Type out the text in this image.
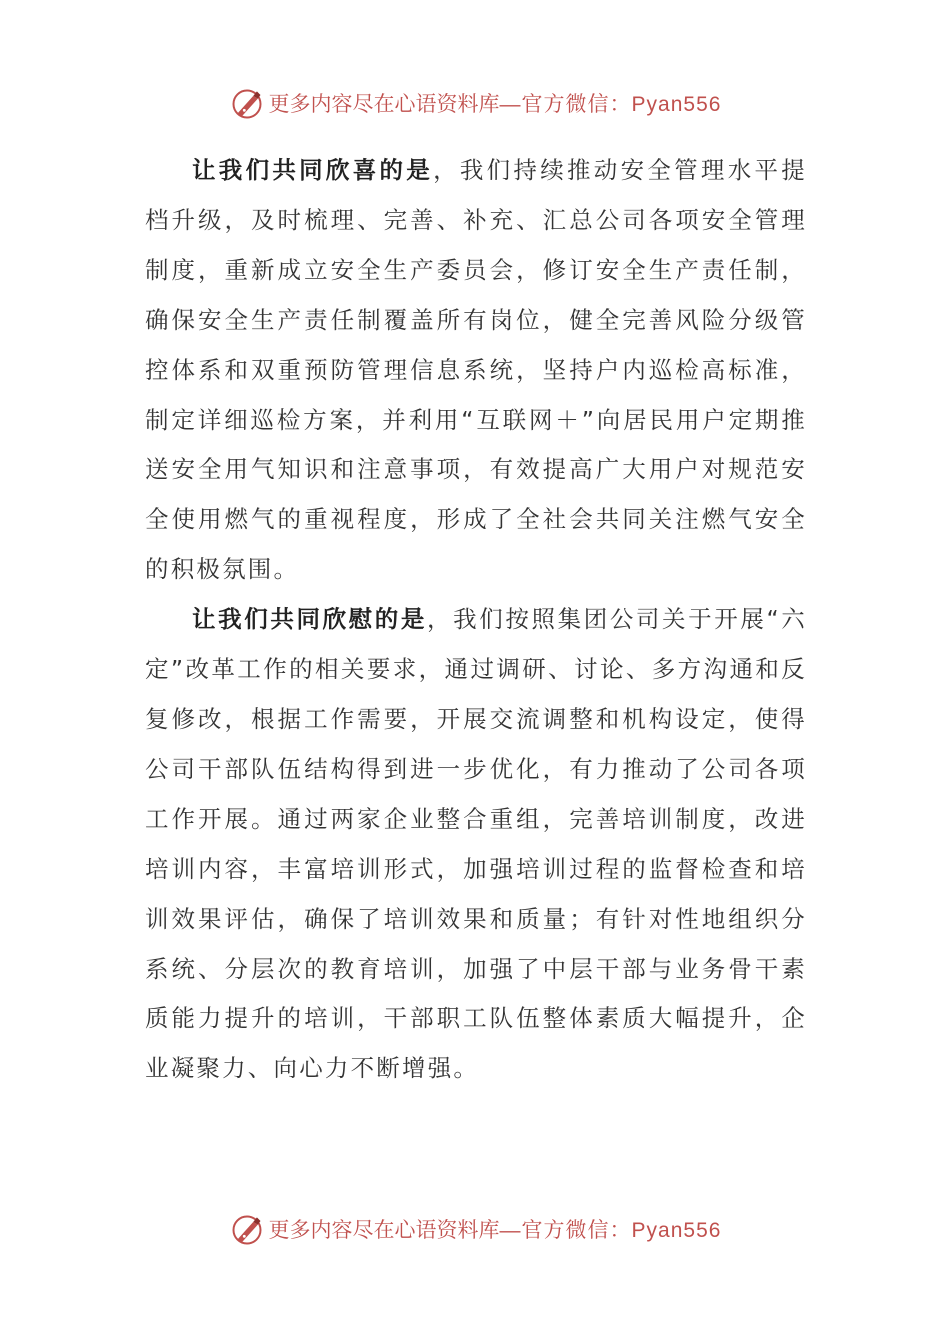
更多内容尽在心语资料库—官方微信：Pyan556

让我们共同欣喜的是，我们持续推动安全管理水平提档升级，及时梳理、完善、补充、汇总公司各项安全管理制度，重新成立安全生产委员会，修订安全生产责任制，确保安全生产责任制覆盖所有岗位，健全完善风险分级管控体系和双重预防管理信息系统，坚持户内巡检高标准，制定详细巡检方案，并利用“互联网＋”向居民用户定期推送安全用气知识和注意事项，有效提高广大用户对规范安全使用燃气的重视程度，形成了全社会共同关注燃气安全的积极氛围。

让我们共同欣慰的是，我们按照集团公司关于开展“六定”改革工作的相关要求，通过调研、讨论、多方沟通和反复修改，根据工作需要，开展交流调整和机构设定，使得公司干部队伍结构得到进一步优化，有力推动了公司各项工作开展。通过两家企业整合重组，完善培训制度，改进培训内容，丰富培训形式，加强培训过程的监督检查和培训效果评估，确保了培训效果和质量；有针对性地组织分系统、分层次的教育培训，加强了中层干部与业务骨干素质能力提升的培训，干部职工队伍整体素质大幅提升，企业凝聚力、向心力不断增强。

更多内容尽在心语资料库—官方微信：Pyan556
